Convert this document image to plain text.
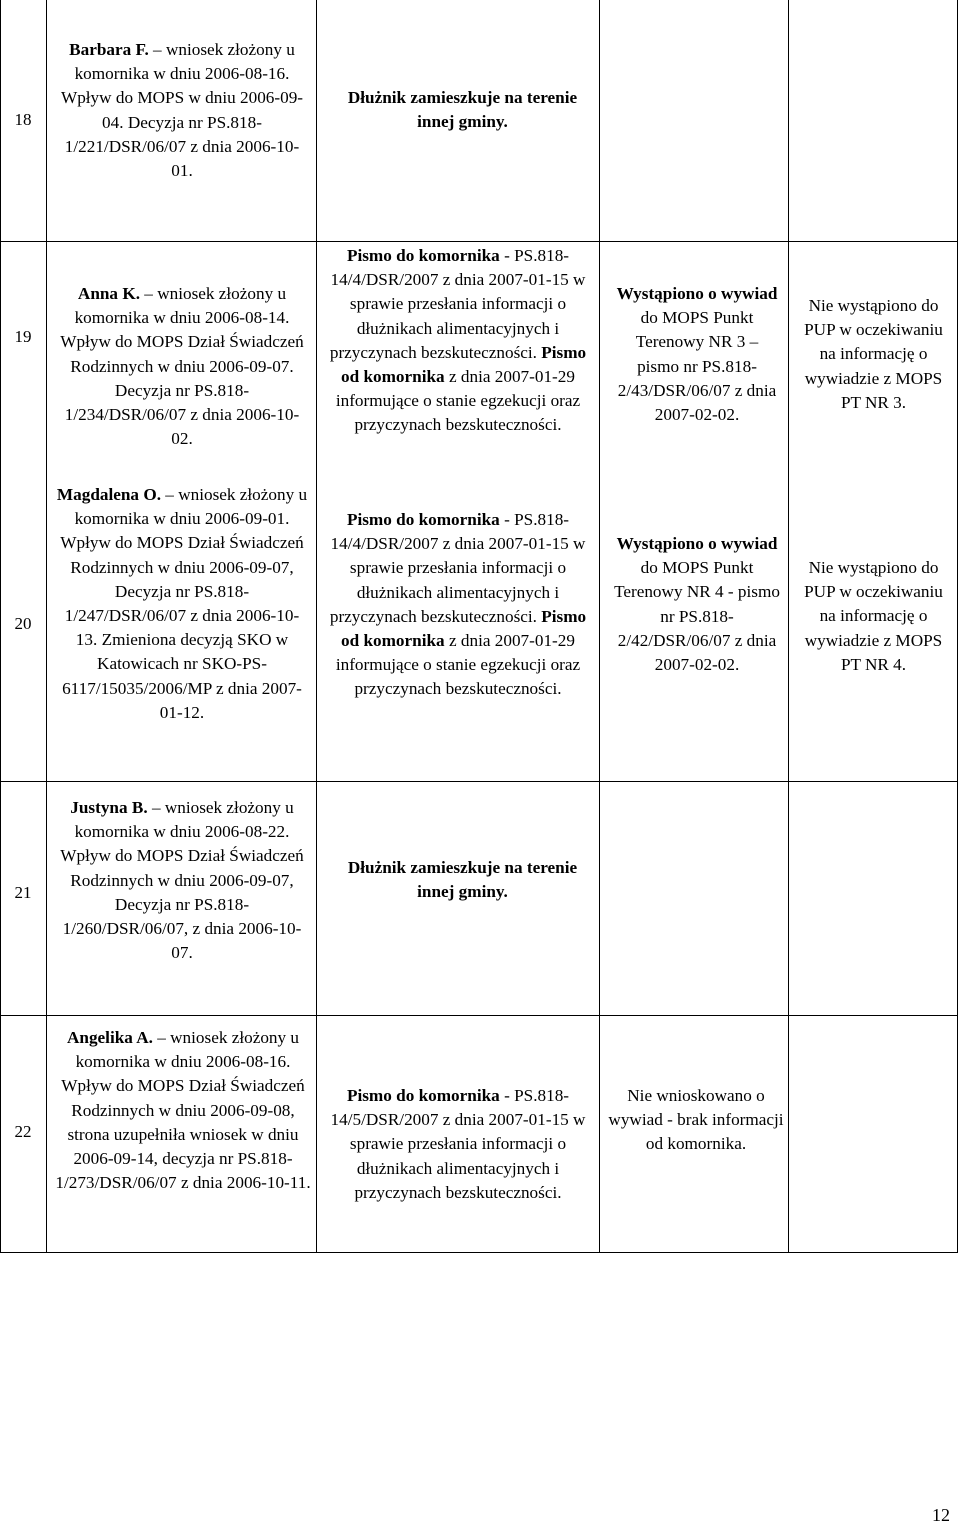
18
Barbara F. – wniosek złożony u komornika w dniu 2006-08-16. Wpływ do MOPS w dniu 2006-09-04. Decyzja nr PS.818-1/221/DSR/06/07 z dnia 2006-10-01.
Dłużnik zamieszkuje na terenie innej gminy.
19
Anna K. – wniosek złożony u komornika w dniu 2006-08-14. Wpływ do MOPS Dział Świadczeń Rodzinnych w dniu 2006-09-07. Decyzja nr PS.818-1/234/DSR/06/07 z dnia 2006-10-02.
Pismo do komornika - PS.818-14/4/DSR/2007 z dnia 2007-01-15 w sprawie przesłania informacji o dłużnikach alimentacyjnych i przyczynach bezskuteczności. Pismo od komornika z dnia 2007-01-29 informujące o stanie egzekucji oraz przyczynach bezskuteczności.
Wystąpiono o wywiad do MOPS Punkt Terenowy NR 3 – pismo nr PS.818-2/43/DSR/06/07 z dnia 2007-02-02.
Nie wystąpiono do PUP w oczekiwaniu na informację o wywiadzie z MOPS PT NR 3.
20
Magdalena O. – wniosek złożony u komornika w dniu 2006-09-01. Wpływ do MOPS Dział Świadczeń Rodzinnych w dniu 2006-09-07, Decyzja nr PS.818-1/247/DSR/06/07 z dnia 2006-10-13. Zmieniona decyzją SKO w Katowicach nr SKO-PS-6117/15035/2006/MP z dnia 2007-01-12.
Pismo do komornika - PS.818-14/4/DSR/2007 z dnia 2007-01-15 w sprawie przesłania informacji o dłużnikach alimentacyjnych i przyczynach bezskuteczności. Pismo od komornika z dnia 2007-01-29 informujące o stanie egzekucji oraz przyczynach bezskuteczności.
Wystąpiono o wywiad do MOPS Punkt Terenowy NR 4 - pismo nr PS.818-2/42/DSR/06/07 z dnia 2007-02-02.
Nie wystąpiono do PUP w oczekiwaniu na informację o wywiadzie z MOPS PT NR 4.
21
Justyna B. – wniosek złożony u komornika w dniu 2006-08-22. Wpływ do MOPS Dział Świadczeń Rodzinnych w dniu 2006-09-07, Decyzja nr PS.818-1/260/DSR/06/07, z dnia 2006-10-07.
Dłużnik zamieszkuje na terenie innej gminy.
22
Angelika A. – wniosek złożony u komornika w dniu 2006-08-16. Wpływ do MOPS Dział Świadczeń Rodzinnych w dniu 2006-09-08, strona uzupełniła wniosek w dniu 2006-09-14, decyzja nr PS.818-1/273/DSR/06/07 z dnia 2006-10-11.
Pismo do komornika - PS.818-14/5/DSR/2007 z dnia 2007-01-15 w sprawie przesłania informacji o dłużnikach alimentacyjnych i przyczynach bezskuteczności.
Nie wnioskowano o wywiad - brak informacji od komornika.
12
